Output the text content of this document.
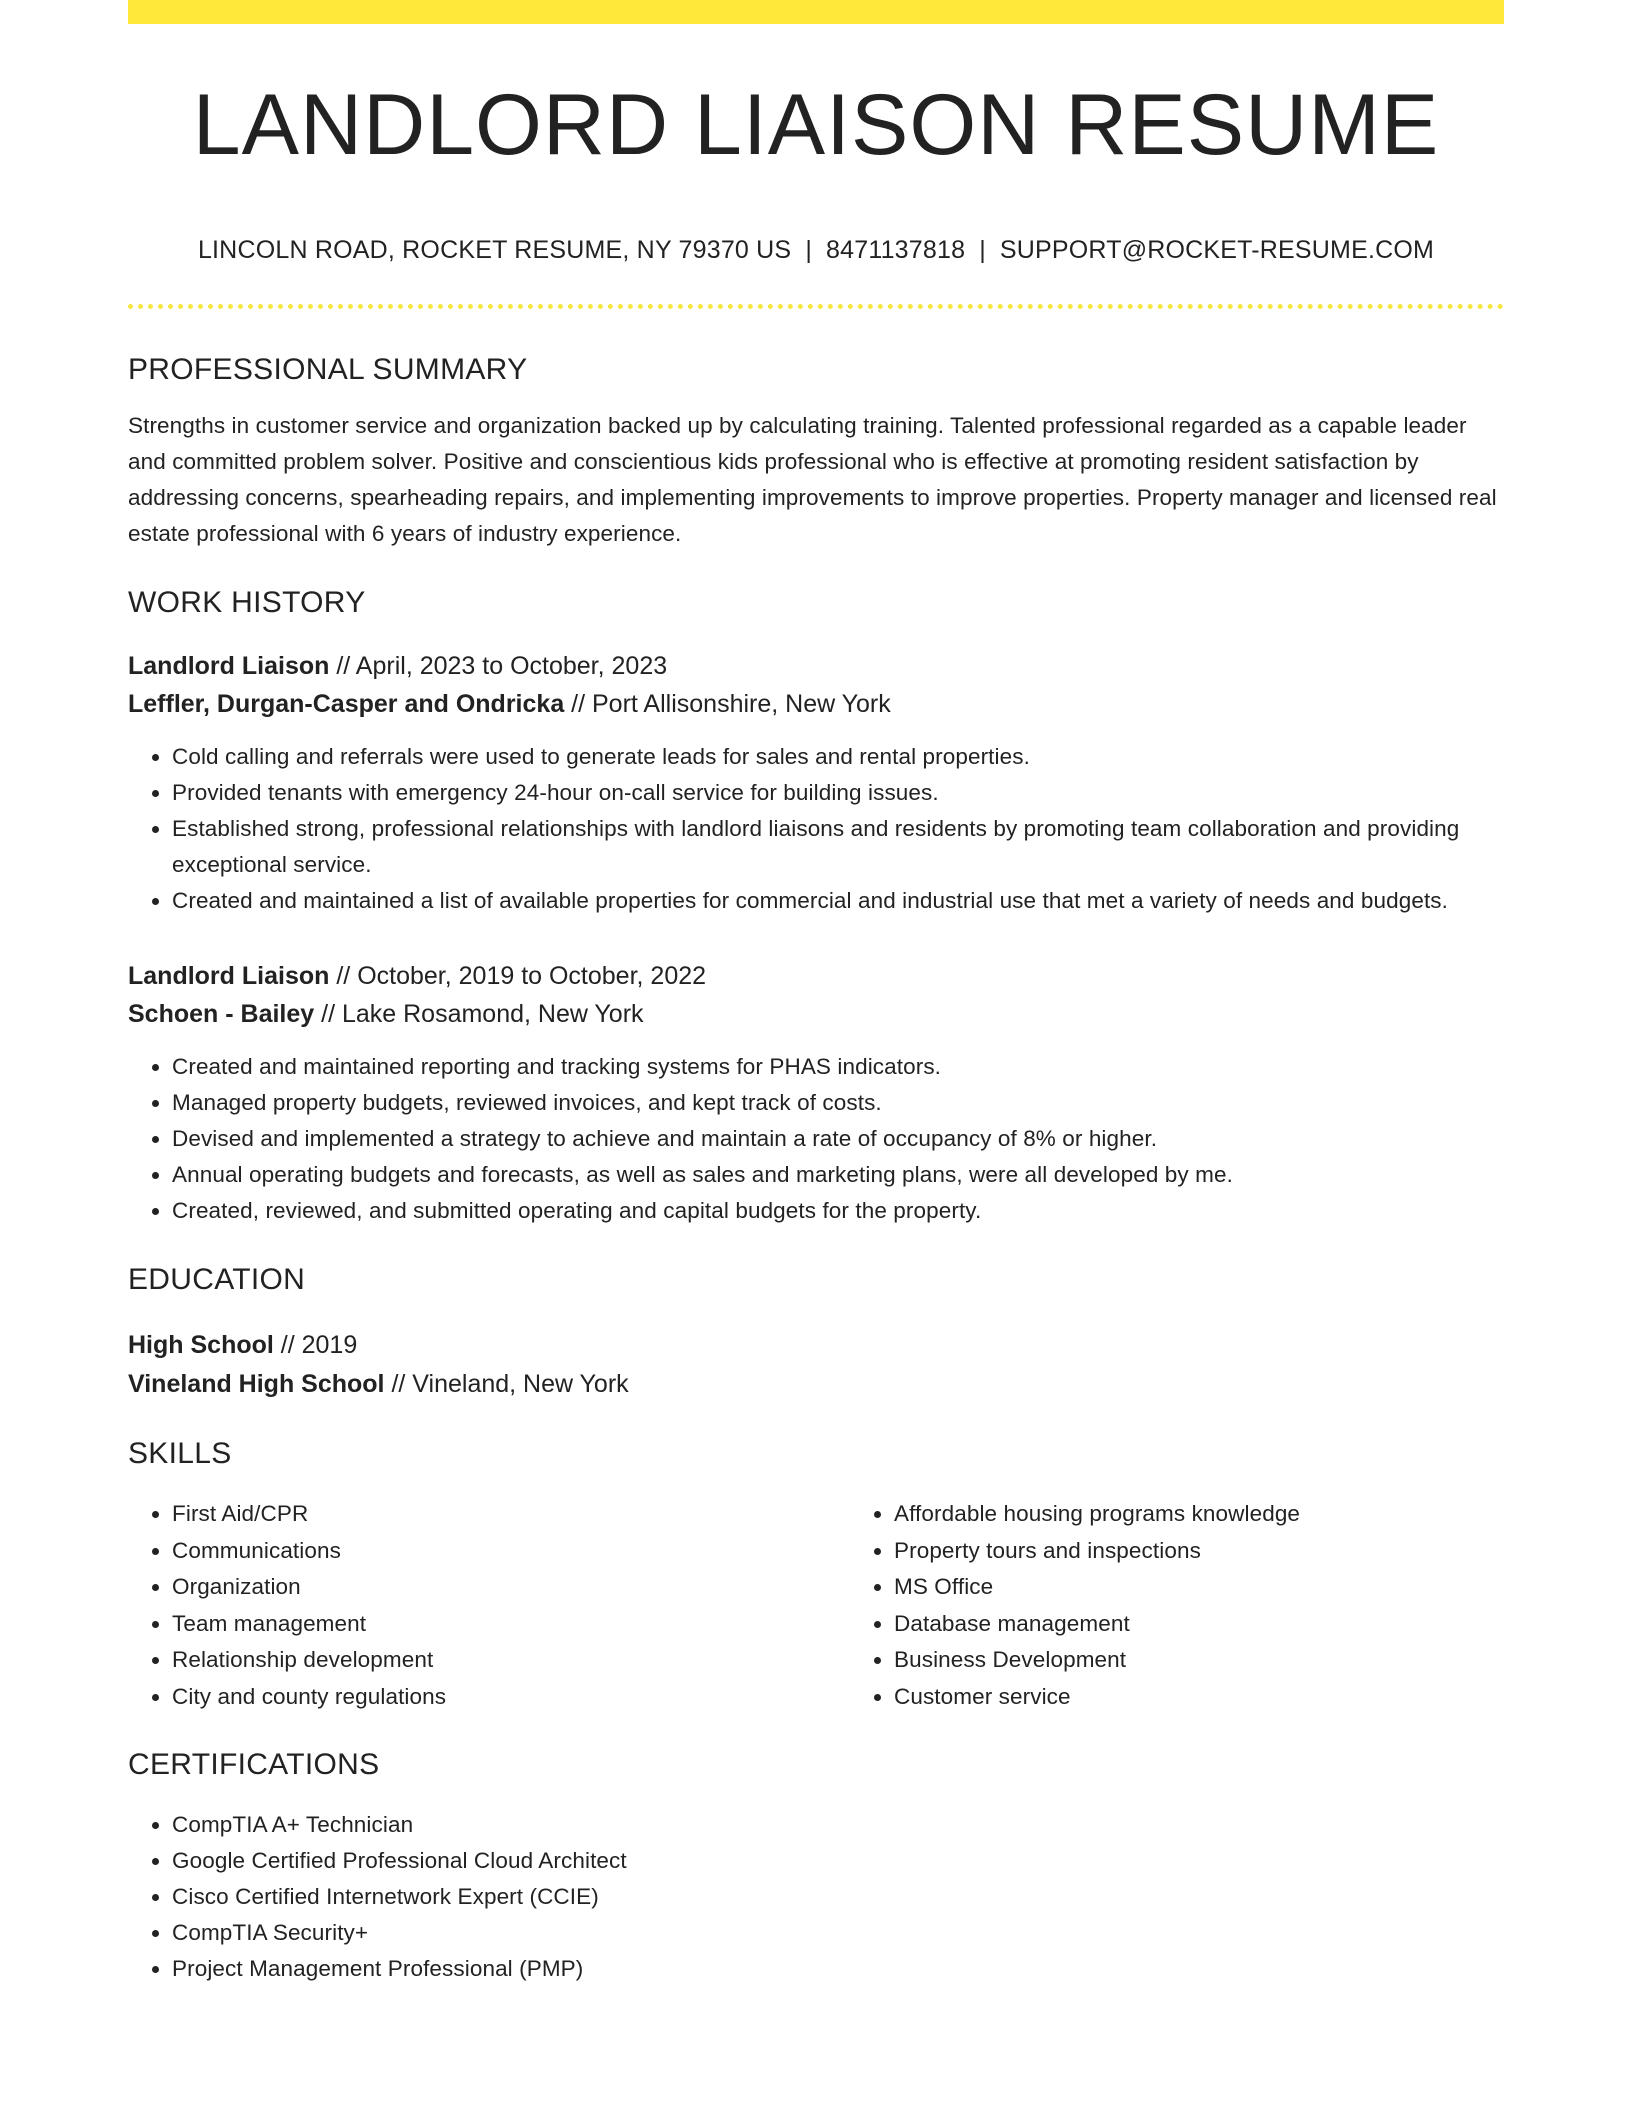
LANDLORD LIAISON RESUME
LINCOLN ROAD, ROCKET RESUME, NY 79370 US | 8471137818 | SUPPORT@ROCKET-RESUME.COM
PROFESSIONAL SUMMARY
Strengths in customer service and organization backed up by calculating training. Talented professional regarded as a capable leader and committed problem solver. Positive and conscientious kids professional who is effective at promoting resident satisfaction by addressing concerns, spearheading repairs, and implementing improvements to improve properties. Property manager and licensed real estate professional with 6 years of industry experience.
WORK HISTORY
Landlord Liaison // April, 2023 to October, 2023
Leffler, Durgan-Casper and Ondricka // Port Allisonshire, New York
• Cold calling and referrals were used to generate leads for sales and rental properties.
• Provided tenants with emergency 24-hour on-call service for building issues.
• Established strong, professional relationships with landlord liaisons and residents by promoting team collaboration and providing exceptional service.
• Created and maintained a list of available properties for commercial and industrial use that met a variety of needs and budgets.
Landlord Liaison // October, 2019 to October, 2022
Schoen - Bailey // Lake Rosamond, New York
• Created and maintained reporting and tracking systems for PHAS indicators.
• Managed property budgets, reviewed invoices, and kept track of costs.
• Devised and implemented a strategy to achieve and maintain a rate of occupancy of 8% or higher.
• Annual operating budgets and forecasts, as well as sales and marketing plans, were all developed by me.
• Created, reviewed, and submitted operating and capital budgets for the property.
EDUCATION
High School // 2019
Vineland High School // Vineland, New York
SKILLS
• First Aid/CPR
• Communications
• Organization
• Team management
• Relationship development
• City and county regulations
• Affordable housing programs knowledge
• Property tours and inspections
• MS Office
• Database management
• Business Development
• Customer service
CERTIFICATIONS
• CompTIA A+ Technician
• Google Certified Professional Cloud Architect
• Cisco Certified Internetwork Expert (CCIE)
• CompTIA Security+
• Project Management Professional (PMP)
